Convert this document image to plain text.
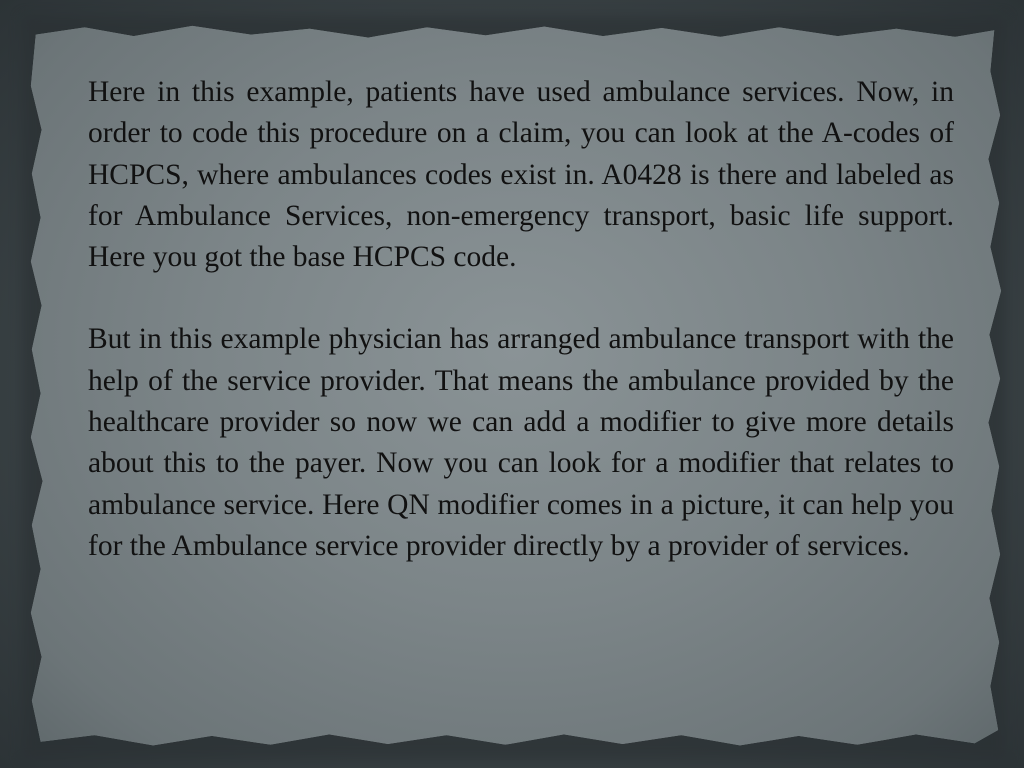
Here in this example, patients have used ambulance services. Now, in order to code this procedure on a claim, you can look at the A-codes of HCPCS, where ambulances codes exist in. A0428 is there and labeled as for Ambulance Services, non-emergency transport, basic life support. Here you got the base HCPCS code.

But in this example physician has arranged ambulance transport with the help of the service provider. That means the ambulance provided by the healthcare provider so now we can add a modifier to give more details about this to the payer. Now you can look for a modifier that relates to ambulance service. Here QN modifier comes in a picture, it can help you for the Ambulance service provider directly by a provider of services.
